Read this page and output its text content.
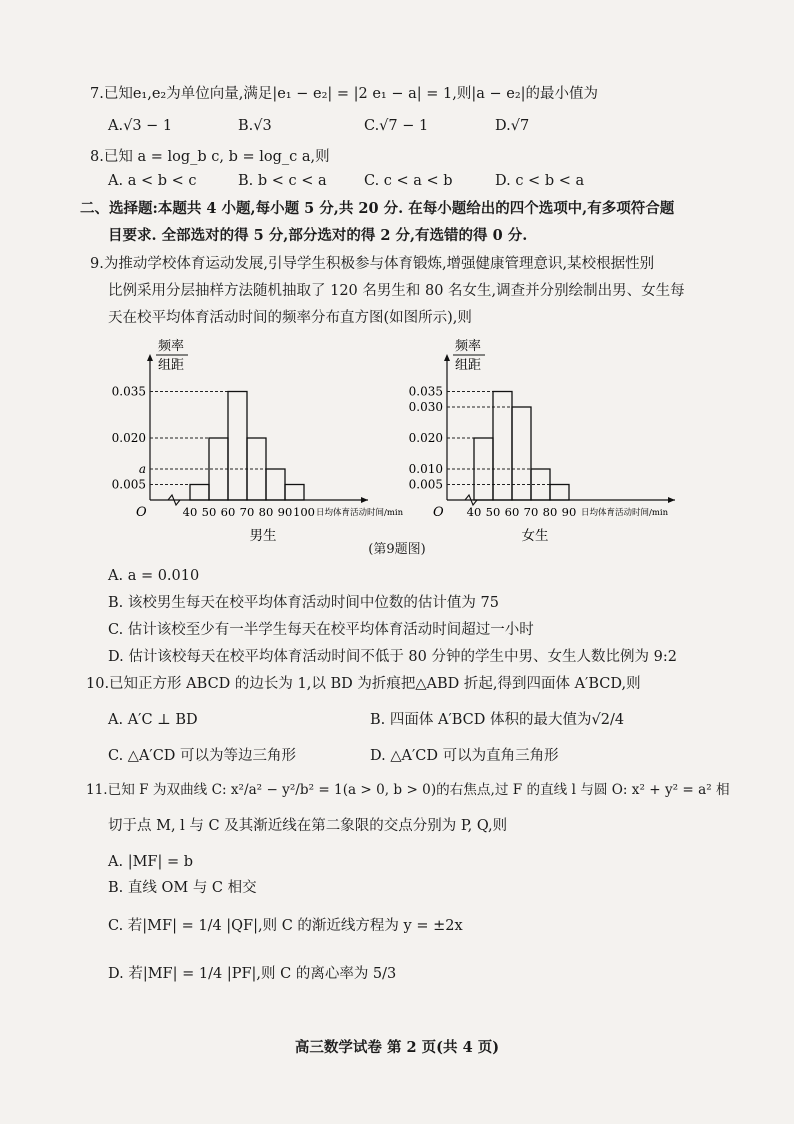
7.已知e₁,e₂为单位向量,满足|e₁ − e₂| = |2 e₁ − a| = 1,则|a − e₂|的最小值为
A.√3 − 1	B.√3	C.√7 − 1	D.√7
8.已知 a = log_b c, b = log_c a,则
A. a < b < c	B. b < c < a	C. c < a < b	D. c < b < a
二、选择题:本题共 4 小题,每小题 5 分,共 20 分. 在每小题给出的四个选项中,有多项符合题
目要求. 全部选对的得 5 分,部分选对的得 2 分,有选错的得 0 分.
9.为推动学校体育运动发展,引导学生积极参与体育锻炼,增强健康管理意识,某校根据性别
比例采用分层抽样方法随机抽取了 120 名男生和 80 名女生,调查并分别绘制出男、女生每
天在校平均体育活动时间的频率分布直方图(如图所示),则
频率
组距
0.035
0.020
a
0.005
40 50 60 70 80 90 100 日均体育活动时间/min
O
男生
频率
组距
0.035
0.030
0.020
0.010
0.005
40 50 60 70 80 90 日均体育活动时间/min
O
女生
(第9题图)
A. a = 0.010
B. 该校男生每天在校平均体育活动时间中位数的估计值为 75
C. 估计该校至少有一半学生每天在校平均体育活动时间超过一小时
D. 估计该校每天在校平均体育活动时间不低于 80 分钟的学生中男、女生人数比例为 9:2
10.已知正方形 ABCD 的边长为 1,以 BD 为折痕把△ABD 折起,得到四面体 A′BCD,则
A. A′C ⊥ BD	B. 四面体 A′BCD 体积的最大值为√2/4
C. △A′CD 可以为等边三角形	D. △A′CD 可以为直角三角形
11.已知 F 为双曲线 C: x²/a² − y²/b² = 1(a > 0, b > 0)的右焦点,过 F 的直线 l 与圆 O: x² + y² = a² 相
切于点 M, l 与 C 及其渐近线在第二象限的交点分别为 P, Q,则
A. |MF| = b
B. 直线 OM 与 C 相交
C. 若|MF| = 1/4 |QF|,则 C 的渐近线方程为 y = ±2x
D. 若|MF| = 1/4 |PF|,则 C 的离心率为 5/3
高三数学试卷 第 2 页(共 4 页)
